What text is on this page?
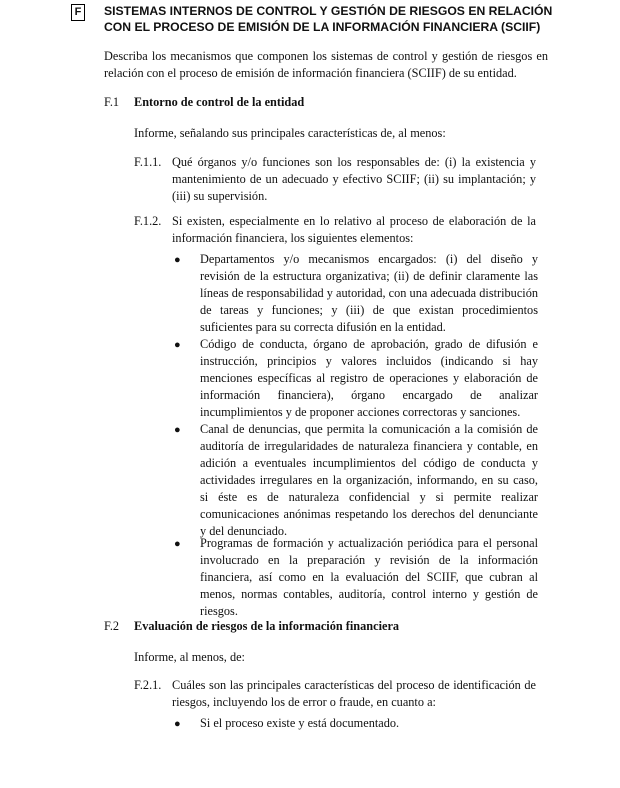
F SISTEMAS INTERNOS DE CONTROL Y GESTIÓN DE RIESGOS EN RELACIÓN CON EL PROCESO DE EMISIÓN DE LA INFORMACIÓN FINANCIERA (SCIIF)
Describa los mecanismos que componen los sistemas de control y gestión de riesgos en relación con el proceso de emisión de información financiera (SCIIF) de su entidad.
F.1 Entorno de control de la entidad
Informe, señalando sus principales características de, al menos:
F.1.1. Qué órganos y/o funciones son los responsables de: (i) la existencia y mantenimiento de un adecuado y efectivo SCIIF; (ii) su implantación; y (iii) su supervisión.
F.1.2. Si existen, especialmente en lo relativo al proceso de elaboración de la información financiera, los siguientes elementos:
● Departamentos y/o mecanismos encargados: (i) del diseño y revisión de la estructura organizativa; (ii) de definir claramente las líneas de responsabilidad y autoridad, con una adecuada distribución de tareas y funciones; y (iii) de que existan procedimientos suficientes para su correcta difusión en la entidad.
● Código de conducta, órgano de aprobación, grado de difusión e instrucción, principios y valores incluidos (indicando si hay menciones específicas al registro de operaciones y elaboración de información financiera), órgano encargado de analizar incumplimientos y de proponer acciones correctoras y sanciones.
● Canal de denuncias, que permita la comunicación a la comisión de auditoría de irregularidades de naturaleza financiera y contable, en adición a eventuales incumplimientos del código de conducta y actividades irregulares en la organización, informando, en su caso, si éste es de naturaleza confidencial y si permite realizar comunicaciones anónimas respetando los derechos del denunciante y del denunciado.
● Programas de formación y actualización periódica para el personal involucrado en la preparación y revisión de la información financiera, así como en la evaluación del SCIIF, que cubran al menos, normas contables, auditoría, control interno y gestión de riesgos.
F.2 Evaluación de riesgos de la información financiera
Informe, al menos, de:
F.2.1. Cuáles son las principales características del proceso de identificación de riesgos, incluyendo los de error o fraude, en cuanto a:
● Si el proceso existe y está documentado.
